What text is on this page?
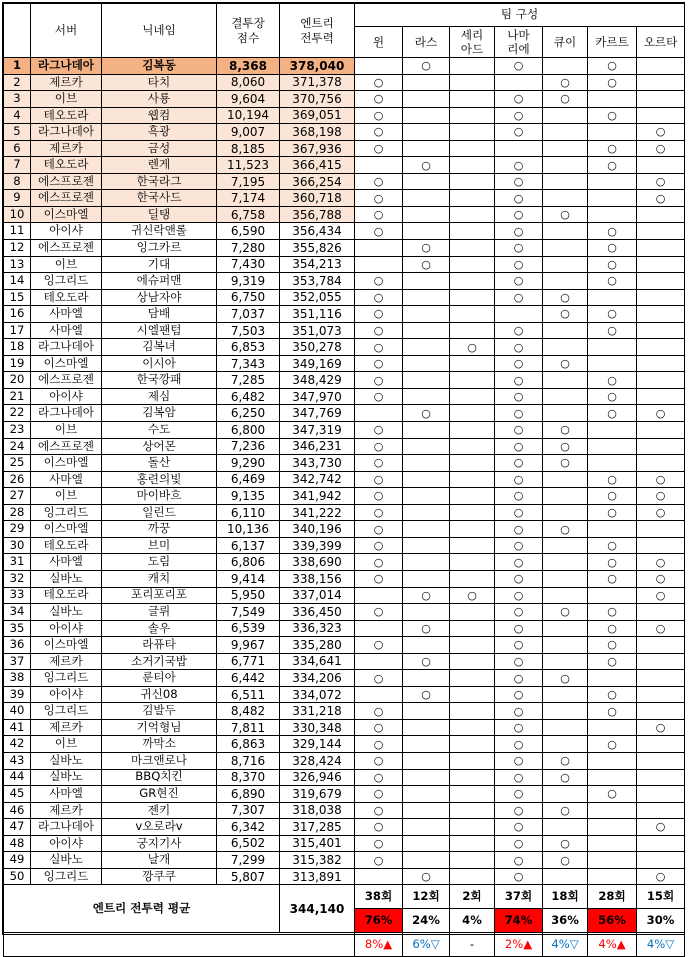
	서버	닉네임	결투장
점수	엔트리
전투력	팀 구성						
					윈	라스	세리
아드	나마
리에	큐이	카르트	오르타
1	라그나데아	김복동	8,368	378,040		○		○		○	
2	제르카	타치	8,060	371,378	○				○	○	
3	이브	사룡	9,604	370,756	○			○	○		
4	테오도라	웹컴	10,194	369,051	○			○		○	
5	라그나데아	흑광	9,007	368,198	○			○			○
6	제르카	금성	8,185	367,936	○					○	○
7	테오도라	렌게	11,523	366,415		○		○		○	
8	에스프로젠	한국라그	7,195	366,254	○			○			○
9	에스프로젠	한국사드	7,174	360,718	○			○			○
10	이스마엘	딜탱	6,758	356,788	○			○	○		
11	아이샤	귀신락앤롤	6,590	356,434	○			○		○	
12	에스프로젠	잉그카르	7,280	355,826		○		○		○	
13	이브	기대	7,430	354,213		○		○		○	
14	잉그리드	에슈퍼맨	9,319	353,784	○			○		○	
15	테오도라	상남자야	6,750	352,055	○			○	○		
16	사마엘	담배	7,037	351,116	○				○	○	
17	사마엘	시엘팬텀	7,503	351,073	○			○		○	
18	라그나데아	김복녀	6,853	350,278	○		○	○			
19	이스마엘	이시아	7,343	349,169	○			○	○		
20	에스프로젠	한국깡패	7,285	348,429	○			○		○	
21	아이샤	제심	6,482	347,970	○			○		○	
22	라그나데아	김복암	6,250	347,769		○		○		○	○
23	이브	수도	6,800	347,319	○			○	○		
24	에스프로젠	상어몬	7,236	346,231	○			○	○		
25	이스마엘	돌산	9,290	343,730	○			○	○		
26	사마엘	홍련의빛	6,469	342,742	○			○		○	○
27	이브	마이바흐	9,135	341,942	○			○		○	○
28	잉그리드	일린드	6,110	341,222	○			○		○	○
29	이스마엘	까꿍	10,136	340,196	○			○	○		
30	테오도라	브미	6,137	339,399	○			○		○	
31	사마엘	도림	6,806	338,690	○			○		○	○
32	실바노	캐치	9,414	338,156	○			○		○	○
33	테오도라	포리포리포	5,950	337,014		○	○	○			○
34	실바노	글뤼	7,549	336,450	○			○	○	○	
35	아이샤	솔우	6,539	336,323		○		○		○	○
36	이스마엘	라퓨타	9,967	335,280	○			○		○	
37	제르카	소거기국밥	6,771	334,641		○		○		○	
38	잉그리드	룬티아	6,442	334,206	○			○	○		
39	아이샤	귀신08	6,511	334,072		○		○		○	
40	잉그리드	김발두	8,482	331,218	○			○		○	
41	제르카	기억형님	7,811	330,348	○			○			○
42	이브	까막소	6,863	329,144	○			○		○	
43	실바노	마크앤로나	8,716	328,424	○			○	○		
44	실바노	BBQ치킨	8,370	326,946	○			○	○		
45	사마엘	GR현진	6,890	319,679	○			○		○	
46	제르카	젠키	7,307	318,038	○			○	○		
47	라그나데아	v오로라v	6,342	317,285	○			○			○
48	아이샤	궁지기사	6,502	315,401	○			○	○		
49	실바노	날개	7,299	315,382	○			○	○		
50	잉그리드	깡쿠쿠	5,807	313,891		○		○			○
엔트리 전투력 평균				344,140	38회	12회	2회	37회	18회	28회	15회
					76%	24%	4%	74%	36%	56%	30%
					8%▲	6%▽	-	2%▲	4%▽	4%▲	4%▽
